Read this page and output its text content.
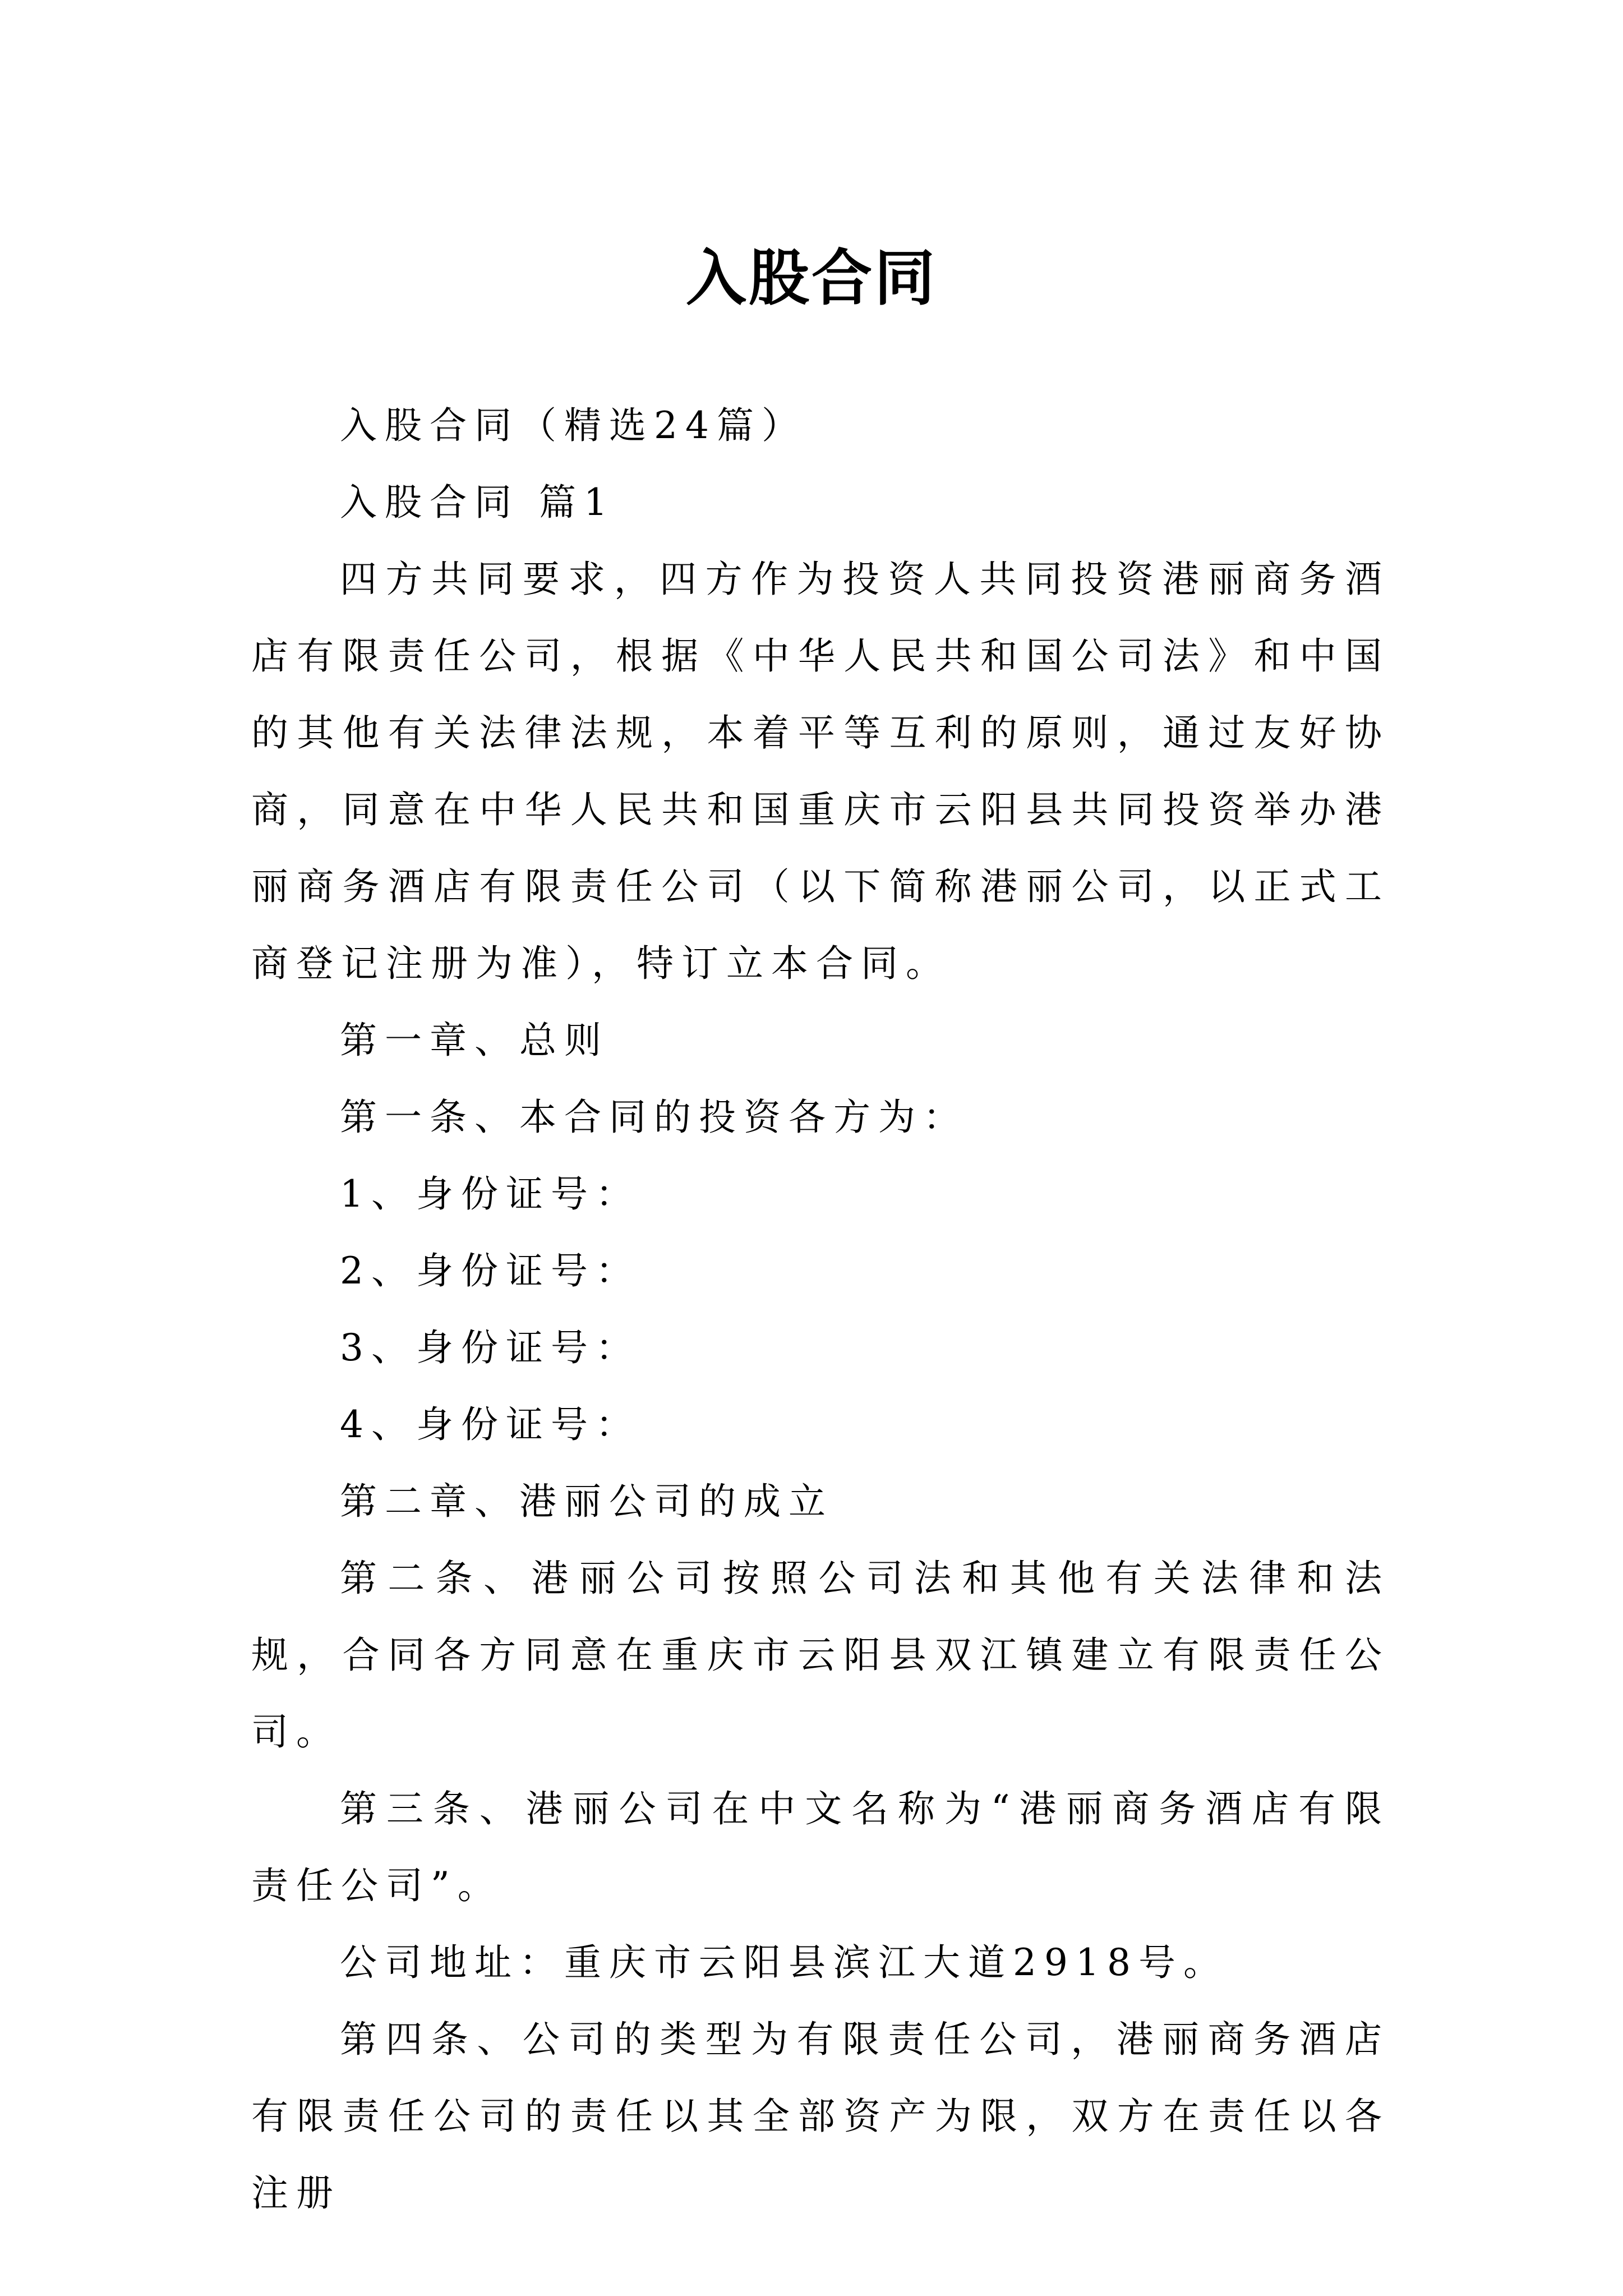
入股合同

入股合同（精选24篇）

入股合同 篇1

四方共同要求，四方作为投资人共同投资港丽商务酒店有限责任公司，根据《中华人民共和国公司法》和中国的其他有关法律法规，本着平等互利的原则，通过友好协商，同意在中华人民共和国重庆市云阳县共同投资举办港丽商务酒店有限责任公司（以下简称港丽公司，以正式工商登记注册为准），特订立本合同。

第一章、总则

第一条、本合同的投资各方为：

1、身份证号：

2、身份证号：

3、身份证号：

4、身份证号：

第二章、港丽公司的成立

第二条、港丽公司按照公司法和其他有关法律和法规，合同各方同意在重庆市云阳县双江镇建立有限责任公司。

第三条、港丽公司在中文名称为“港丽商务酒店有限责任公司”。

公司地址：重庆市云阳县滨江大道2918号。

第四条、公司的类型为有限责任公司，港丽商务酒店有限责任公司的责任以其全部资产为限，双方在责任以各注册
